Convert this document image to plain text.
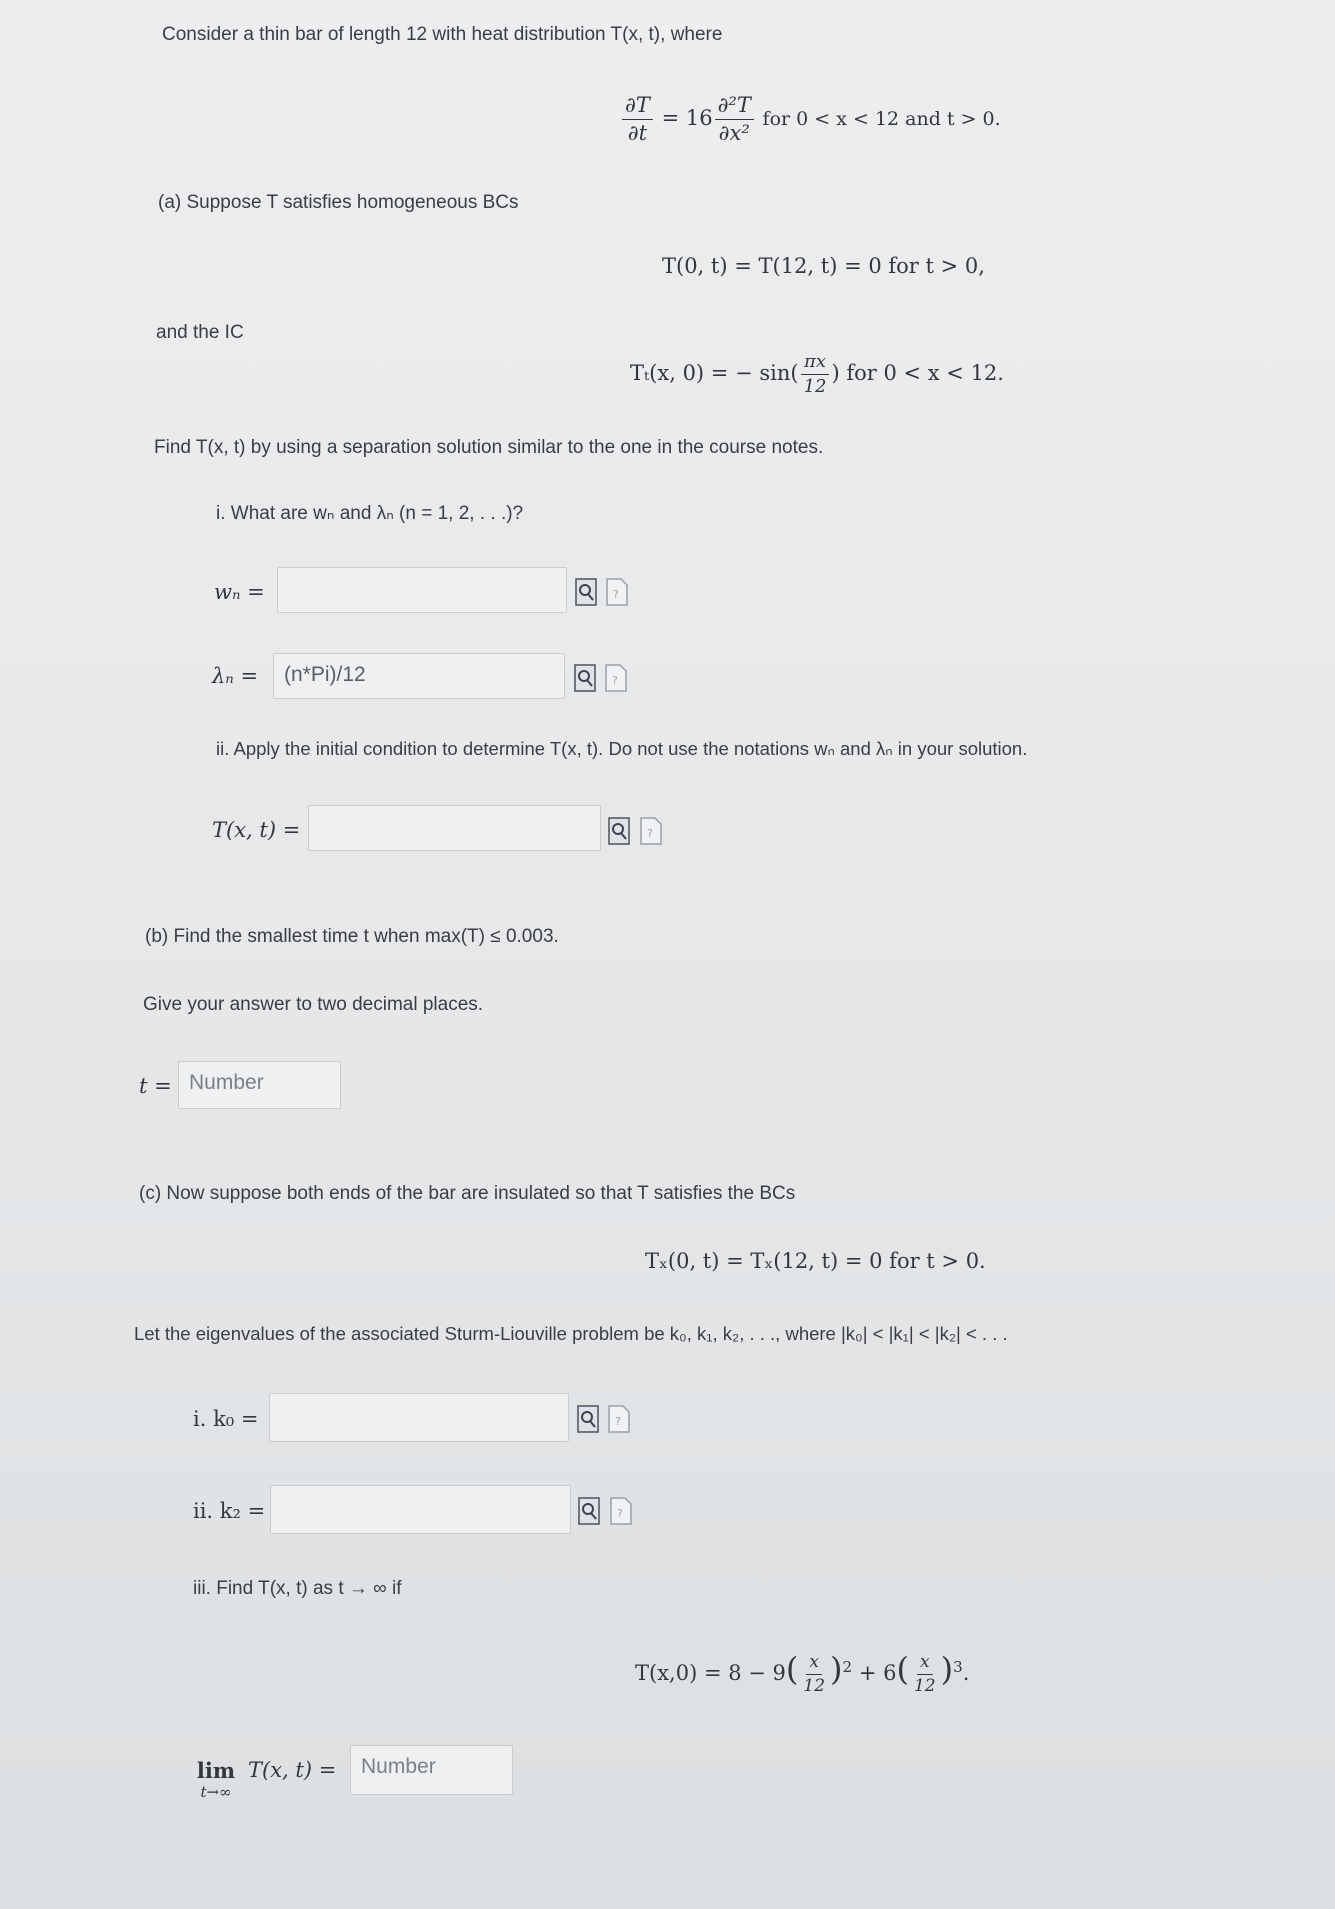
Consider a thin bar of length 12 with heat distribution T(x, t), where
$\frac{\partial T}{\partial t} = 16 \frac{\text{∂²T}}{\text{∂x²}}$ for 0 < x < 12 and t > 0.
(a) Suppose T satisfies homogeneous BCs
T(0, t) = T(12, t) = 0 for t > 0,
and the IC
Tₜ(x, 0) = − $\sin( \frac{\pi x}{12}$ ) for 0 < x < 12.
Find T(x, t) by using a separation solution similar to the one in the course notes.
i. What are wₙ and λₙ (n = 1, 2, . . .)?
wₙ =	?
λₙ = (n*Pi)/12	?
ii. Apply the initial condition to determine T(x, t). Do not use the notations wₙ and λₙ in your solution.
T(x, t) =	?
(b) Find the smallest time t when max(T) ≤ 0.003.
Give your answer to two decimal places.
t = Number
(c) Now suppose both ends of the bar are insulated so that T satisfies the BCs
Tₓ(0, t) = Tₓ(12, t) = 0 for t > 0.
Let the eigenvalues of the associated Sturm-Liouville problem be k₀, k₁, k₂, . . ., where |k₀| < |k₁| < |k₂| < . . .
i. k₀ =	?
ii. k₂ =	?
iii. Find T(x, t) as t → ∞ if
$T(x,0) = 8 - 9( \frac{x}{12} )^2 + 6( \frac{x}{12} )^3$.
lim
t→∞
T(x, t) = Number
